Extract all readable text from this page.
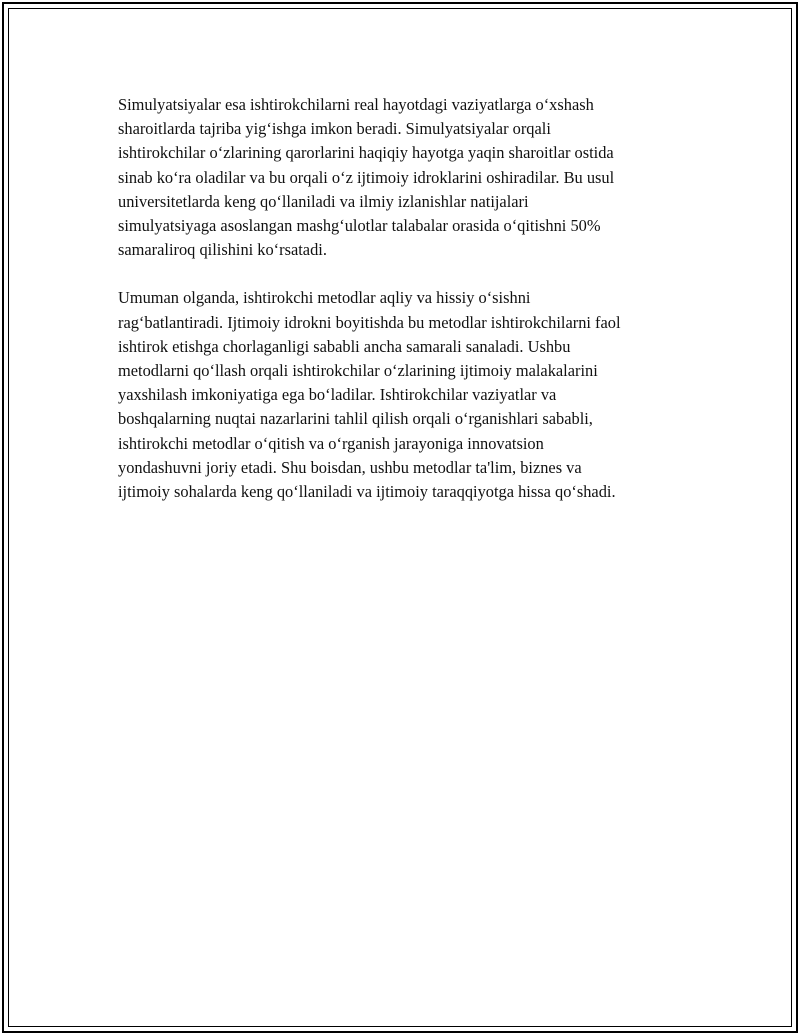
Simulyatsiyalar esa ishtirokchilarni real hayotdagi vaziyatlarga o‘xshash
sharoitlarda tajriba yig‘ishga imkon beradi. Simulyatsiyalar orqali
ishtirokchilar o‘zlarining qarorlarini haqiqiy hayotga yaqin sharoitlar ostida
sinab ko‘ra oladilar va bu orqali o‘z ijtimoiy idroklarini oshiradilar. Bu usul
universitetlarda keng qo‘llaniladi va ilmiy izlanishlar natijalari
simulyatsiyaga asoslangan mashg‘ulotlar talabalar orasida o‘qitishni 50%
samaraliroq qilishini ko‘rsatadi.

Umuman olganda, ishtirokchi metodlar aqliy va hissiy o‘sishni
rag‘batlantiradi. Ijtimoiy idrokni boyitishda bu metodlar ishtirokchilarni faol
ishtirok etishga chorlaganligi sababli ancha samarali sanaladi. Ushbu
metodlarni qo‘llash orqali ishtirokchilar o‘zlarining ijtimoiy malakalarini
yaxshilash imkoniyatiga ega bo‘ladilar. Ishtirokchilar vaziyatlar va
boshqalarning nuqtai nazarlarini tahlil qilish orqali o‘rganishlari sababli,
ishtirokchi metodlar o‘qitish va o‘rganish jarayoniga innovatsion
yondashuvni joriy etadi. Shu boisdan, ushbu metodlar ta'lim, biznes va
ijtimoiy sohalarda keng qo‘llaniladi va ijtimoiy taraqqiyotga hissa qo‘shadi.
